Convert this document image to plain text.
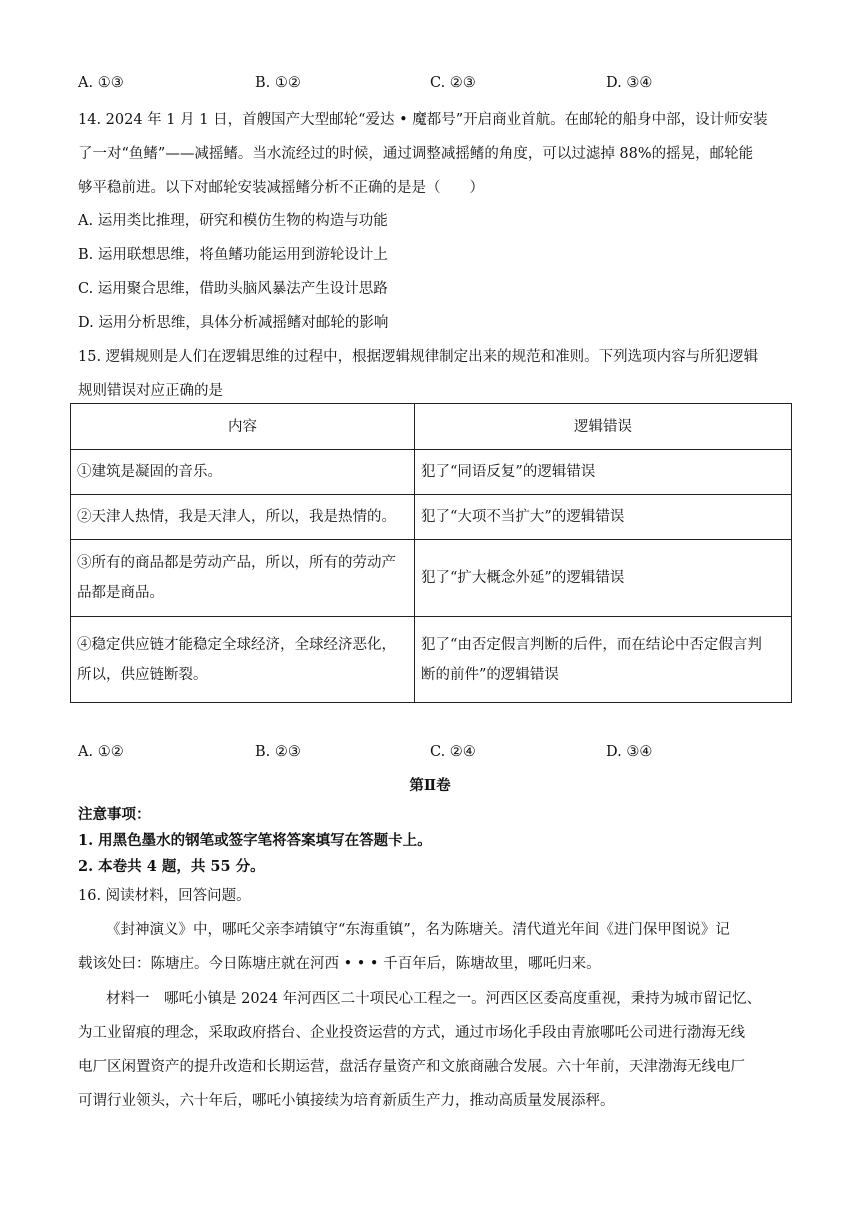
A. ①③	B. ①②	C. ②③	D. ③④
14. 2024 年 1 月 1 日，首艘国产大型邮轮“爱达 • 魔都号”开启商业首航。在邮轮的船身中部，设计师安装
了一对“鱼鳍”——减摇鳍。当水流经过的时候，通过调整减摇鳍的角度，可以过滤掉 88%的摇晃，邮轮能
够平稳前进。以下对邮轮安装减摇鳍分析不正确的是是（　　）
A. 运用类比推理，研究和模仿生物的构造与功能
B. 运用联想思维，将鱼鳍功能运用到游轮设计上
C. 运用聚合思维，借助头脑风暴法产生设计思路
D. 运用分析思维，具体分析减摇鳍对邮轮的影响
15. 逻辑规则是人们在逻辑思维的过程中，根据逻辑规律制定出来的规范和准则。下列选项内容与所犯逻辑
规则错误对应正确的是
内容	逻辑错误
①建筑是凝固的音乐。	犯了“同语反复”的逻辑错误
②天津人热情，我是天津人，所以，我是热情的。	犯了“大项不当扩大”的逻辑错误
③所有的商品都是劳动产品，所以，所有的劳动产
品都是商品。	犯了“扩大概念外延”的逻辑错误
④稳定供应链才能稳定全球经济，全球经济恶化，
所以，供应链断裂。	犯了“由否定假言判断的后件，而在结论中否定假言判
断的前件”的逻辑错误
A. ①②	B. ②③	C. ②④	D. ③④
第Ⅱ卷
注意事项：
1. 用黑色墨水的钢笔或签字笔将答案填写在答题卡上。
2. 本卷共 4 题，共 55 分。
16. 阅读材料，回答问题。
《封神演义》中，哪吒父亲李靖镇守“东海重镇”，名为陈塘关。清代道光年间《进门保甲图说》记
载该处曰：陈塘庄。今日陈塘庄就在河西 • • • 千百年后，陈塘故里，哪吒归来。
材料一　哪吒小镇是 2024 年河西区二十项民心工程之一。河西区区委高度重视，秉持为城市留记忆、
为工业留痕的理念，采取政府搭台、企业投资运营的方式，通过市场化手段由青旅哪吒公司进行渤海无线
电厂区闲置资产的提升改造和长期运营，盘活存量资产和文旅商融合发展。六十年前，天津渤海无线电厂
可谓行业领头，六十年后，哪吒小镇接续为培育新质生产力，推动高质量发展添秤。
